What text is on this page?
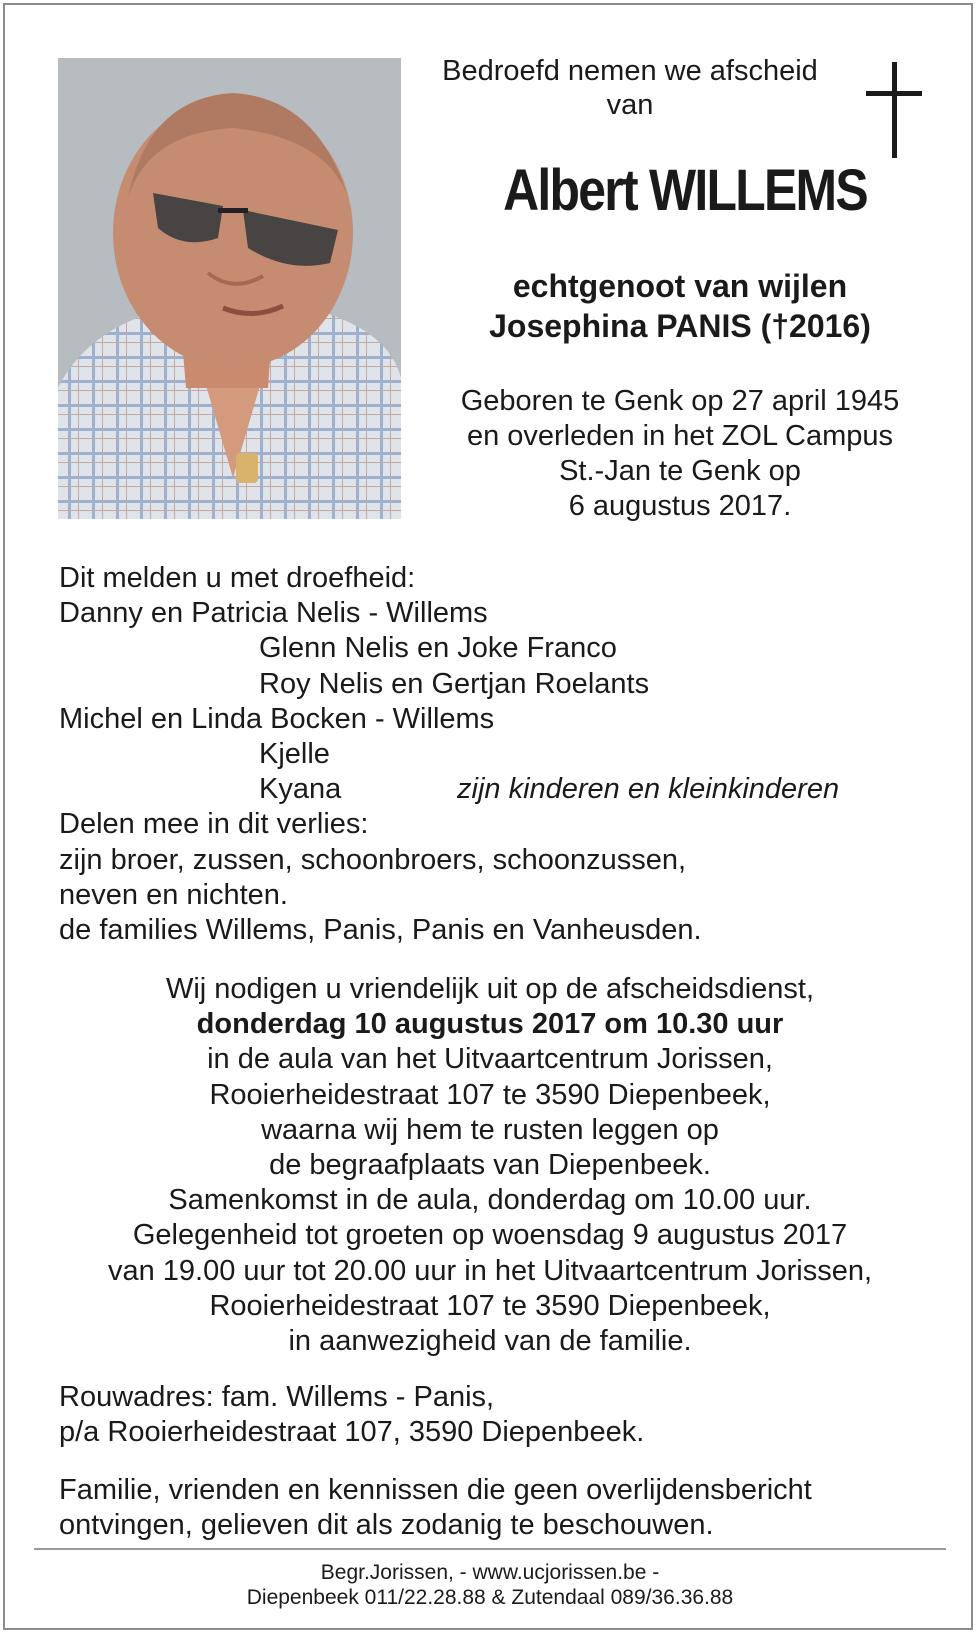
Bedroefd nemen we afscheid
van
Albert WILLEMS
echtgenoot van wijlen
Josephina PANIS (†2016)
Geboren te Genk op 27 april 1945
en overleden in het ZOL Campus
St.-Jan te Genk op
6 augustus 2017.
Dit melden u met droefheid:
Danny en Patricia Nelis - Willems
Glenn Nelis en Joke Franco
Roy Nelis en Gertjan Roelants
Michel en Linda Bocken - Willems
Kjelle
Kyana	zijn kinderen en kleinkinderen
Delen mee in dit verlies:
zijn broer, zussen, schoonbroers, schoonzussen,
neven en nichten.
de families Willems, Panis, Panis en Vanheusden.
Wij nodigen u vriendelijk uit op de afscheidsdienst,
donderdag 10 augustus 2017 om 10.30 uur
in de aula van het Uitvaartcentrum Jorissen,
Rooierheidestraat 107 te 3590 Diepenbeek,
waarna wij hem te rusten leggen op
de begraafplaats van Diepenbeek.
Samenkomst in de aula, donderdag om 10.00 uur.
Gelegenheid tot groeten op woensdag 9 augustus 2017
van 19.00 uur tot 20.00 uur in het Uitvaartcentrum Jorissen,
Rooierheidestraat 107 te 3590 Diepenbeek,
in aanwezigheid van de familie.
Rouwadres: fam. Willems - Panis,
p/a Rooierheidestraat 107, 3590 Diepenbeek.
Familie, vrienden en kennissen die geen overlijdensbericht
ontvingen, gelieven dit als zodanig te beschouwen.
Begr.Jorissen, - www.ucjorissen.be -
Diepenbeek 011/22.28.88 & Zutendaal 089/36.36.88
